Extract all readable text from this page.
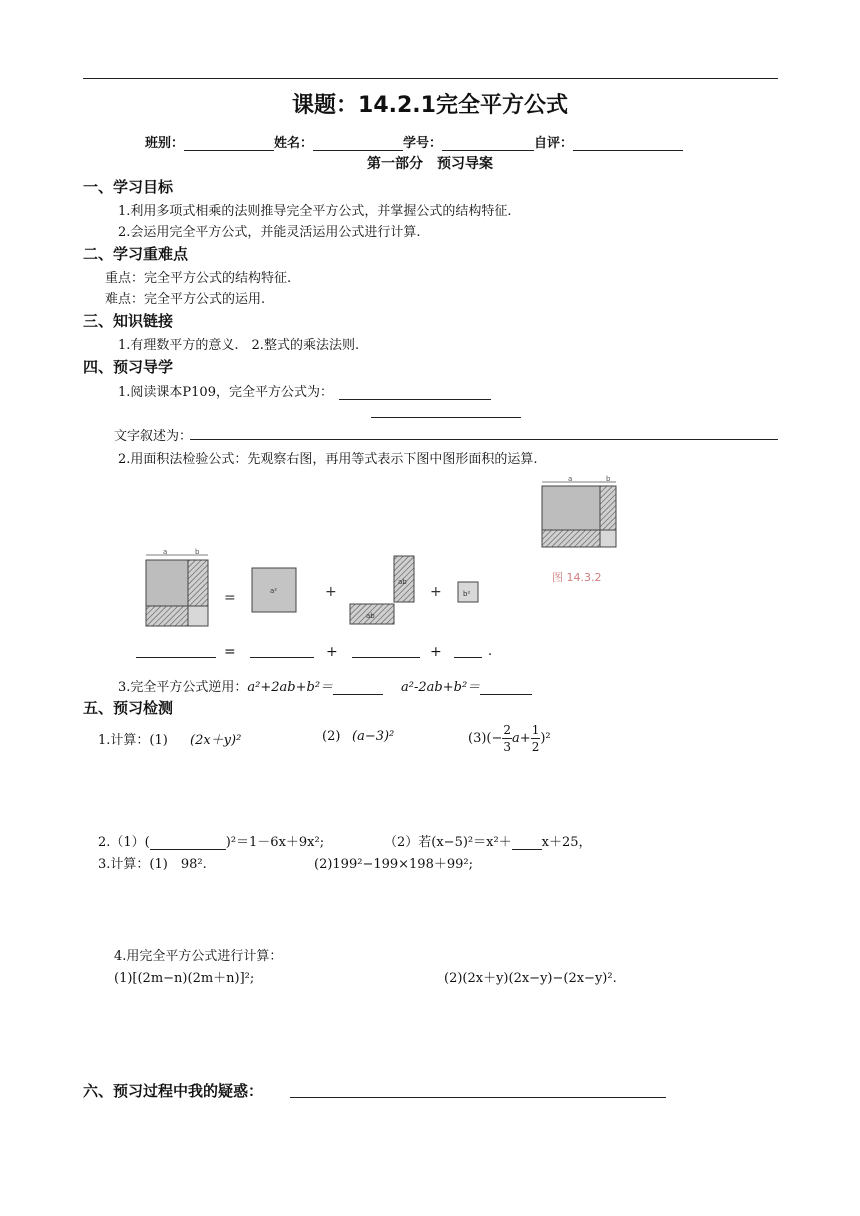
课题：14.2.1完全平方公式
班别：	姓名：	学号：	自评：
第一部分　预习导案
一、学习目标
1.利用多项式相乘的法则推导完全平方公式，并掌握公式的结构特征.
2.会运用完全平方公式，并能灵活运用公式进行计算.
二、学习重难点
重点：完全平方公式的结构特征.
难点：完全平方公式的运用.
三、知识链接
1.有理数平方的意义.　2.整式的乘法法则.
四、预习导学
1.阅读课本P109，完全平方公式为：
文字叙述为：
2.用面积法检验公式：先观察右图，再用等式表示下图中图形面积的运算.
a	b
图 14.3.2
a	b
=	a²	+
ab
ab
+	b²
=	+	+	.
3.完全平方公式逆用：a²+2ab+b²＝	a²-2ab+b²＝
五、预习检测
1.计算：(1) (2x＋y)²	(2) (a−3)²	$(3)(- \frac{2}{3} a+ \frac{1}{2} )^2$
2.（1）(	)²＝1－6x＋9x²;	（2）若(x−5)²＝x²＋ x＋25，
3.计算：(1)　98².	(2)199²−199×198＋99²;
4.用完全平方公式进行计算：
(1)[(2m−n)(2m＋n)]²;	(2)(2x＋y)(2x−y)−(2x−y)².
六、预习过程中我的疑惑：
